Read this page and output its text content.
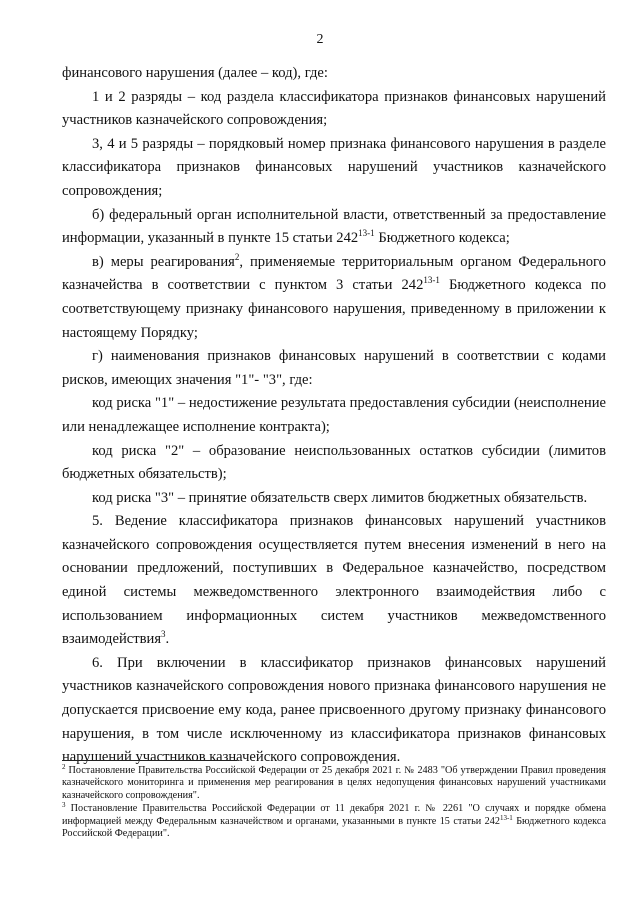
2

финансового нарушения (далее – код), где:

1 и 2 разряды – код раздела классификатора признаков финансовых нарушений участников казначейского сопровождения;

3, 4 и 5 разряды – порядковый номер признака финансового нарушения в разделе классификатора признаков финансовых нарушений участников казначейского сопровождения;

б) федеральный орган исполнительной власти, ответственный за предоставление информации, указанный в пункте 15 статьи 242$^{13-1}$ Бюджетного кодекса;

в) меры реагирования$^2$, применяемые территориальным органом Федерального казначейства в соответствии с пунктом 3 статьи 242$^{13-1}$ Бюджетного кодекса по соответствующему признаку финансового нарушения, приведенному в приложении к настоящему Порядку;

г) наименования признаков финансовых нарушений в соответствии с кодами рисков, имеющих значения "1"- "3", где:

код риска "1" – недостижение результата предоставления субсидии (неисполнение или ненадлежащее исполнение контракта);

код риска "2" – образование неиспользованных остатков субсидии (лимитов бюджетных обязательств);

код риска "3" – принятие обязательств сверх лимитов бюджетных обязательств.

5. Ведение классификатора признаков финансовых нарушений участников казначейского сопровождения осуществляется путем внесения изменений в него на основании предложений, поступивших в Федеральное казначейство, посредством единой системы межведомственного электронного взаимодействия либо с использованием информационных систем участников межведомственного взаимодействия$^3$.

6. При включении в классификатор признаков финансовых нарушений участников казначейского сопровождения нового признака финансового нарушения не допускается присвоение ему кода, ранее присвоенного другому признаку финансового нарушения, в том числе исключенному из классификатора признаков финансовых нарушений участников казначейского сопровождения.

$^2$ Постановление Правительства Российской Федерации от 25 декабря 2021 г. № 2483 "Об утверждении Правил проведения казначейского мониторинга и применения мер реагирования в целях недопущения финансовых нарушений участниками казначейского сопровождения".

$^3$ Постановление Правительства Российской Федерации от 11 декабря 2021 г. № 2261 "О случаях и порядке обмена информацией между Федеральным казначейством и органами, указанными в пункте 15 статьи 242$^{13-1}$ Бюджетного кодекса Российской Федерации".
